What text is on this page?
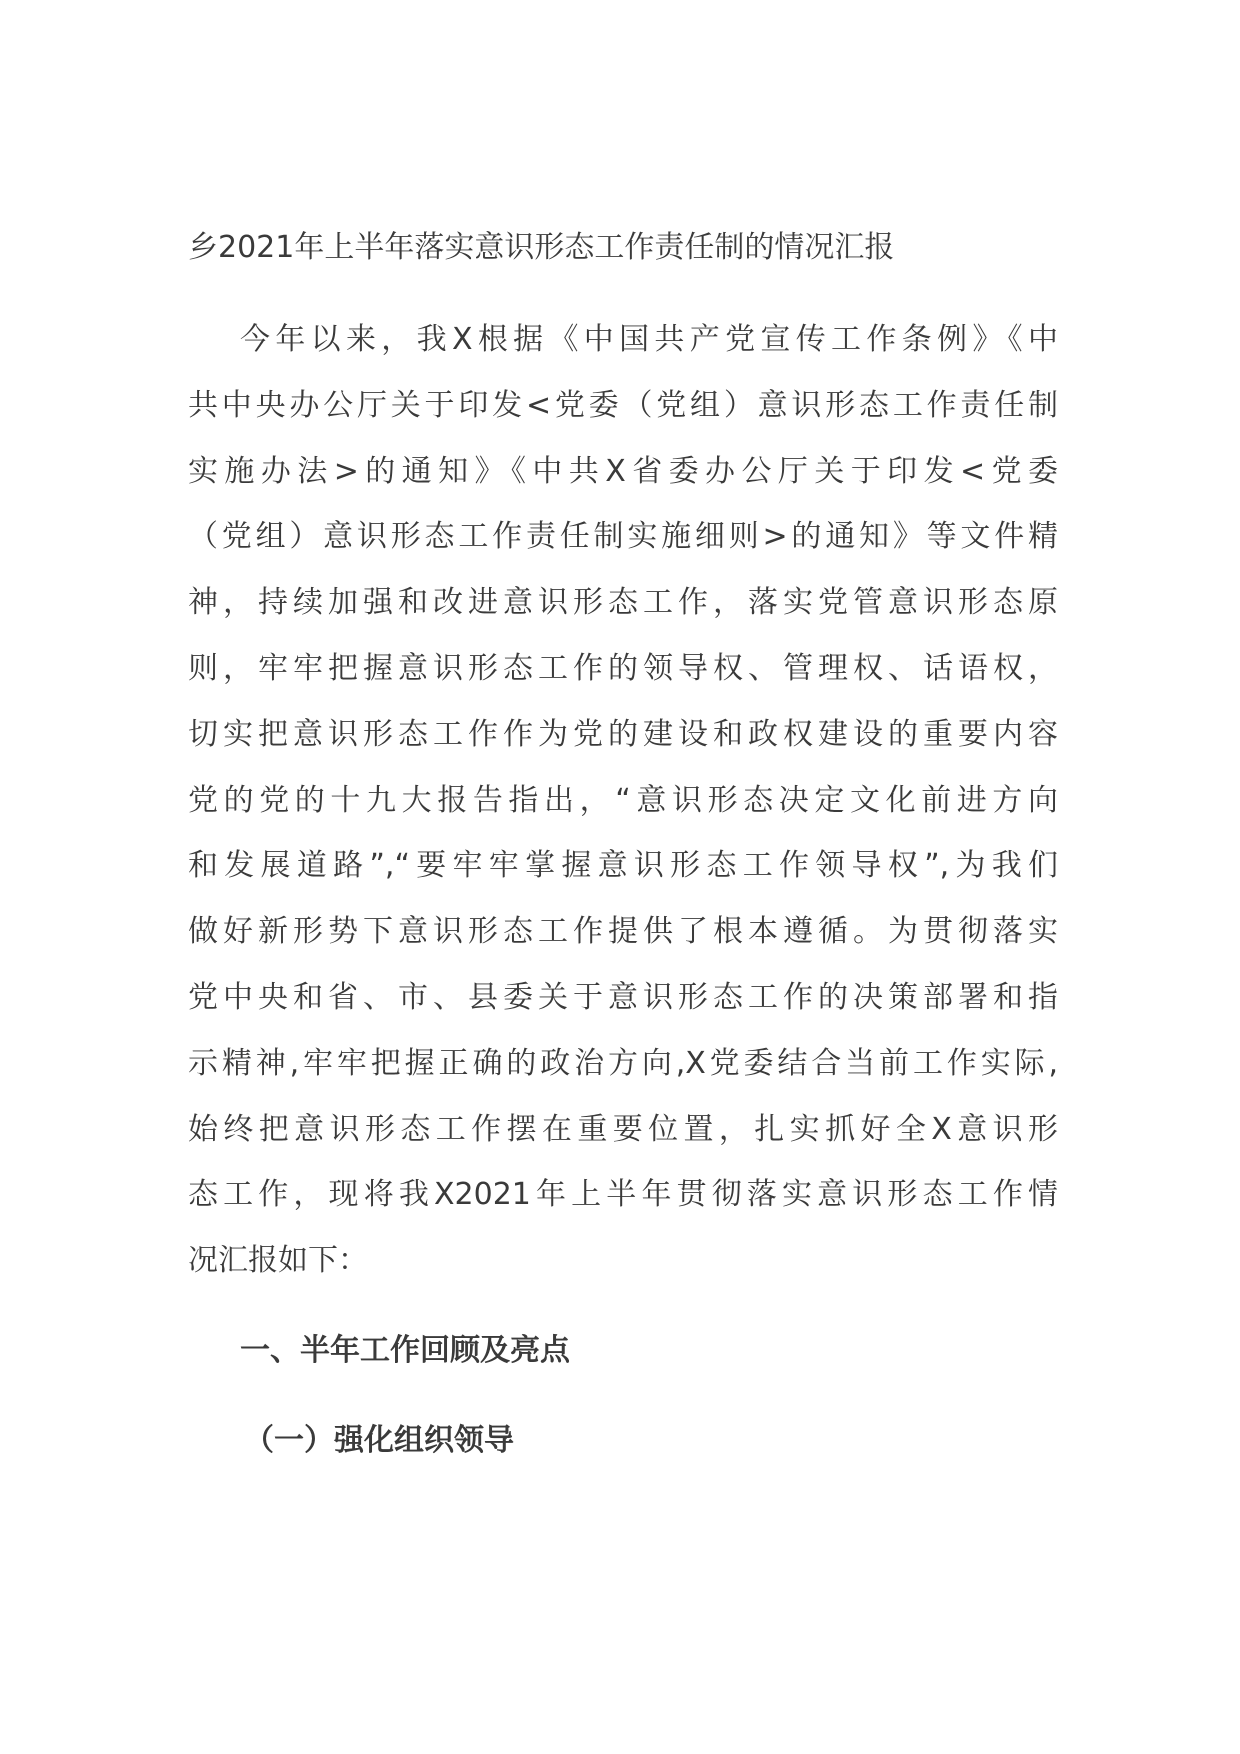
乡2021年上半年落实意识形态工作责任制的情况汇报
今年以来，我X根据《中国共产党宣传工作条例》《中
共中央办公厅关于印发<党委（党组）意识形态工作责任制
实施办法>的通知》《中共X省委办公厅关于印发<党委
（党组）意识形态工作责任制实施细则>的通知》等文件精
神，持续加强和改进意识形态工作，落实党管意识形态原
则，牢牢把握意识形态工作的领导权、管理权、话语权，
切实把意识形态工作作为党的建设和政权建设的重要内容
党的党的十九大报告指出，“意识形态决定文化前进方向
和发展道路”,“要牢牢掌握意识形态工作领导权”,为我们
做好新形势下意识形态工作提供了根本遵循。为贯彻落实
党中央和省、市、县委关于意识形态工作的决策部署和指
示精神,牢牢把握正确的政治方向,X党委结合当前工作实际,
始终把意识形态工作摆在重要位置，扎实抓好全X意识形
态工作，现将我X2021年上半年贯彻落实意识形态工作情
况汇报如下：
一、半年工作回顾及亮点
（一）强化组织领导
